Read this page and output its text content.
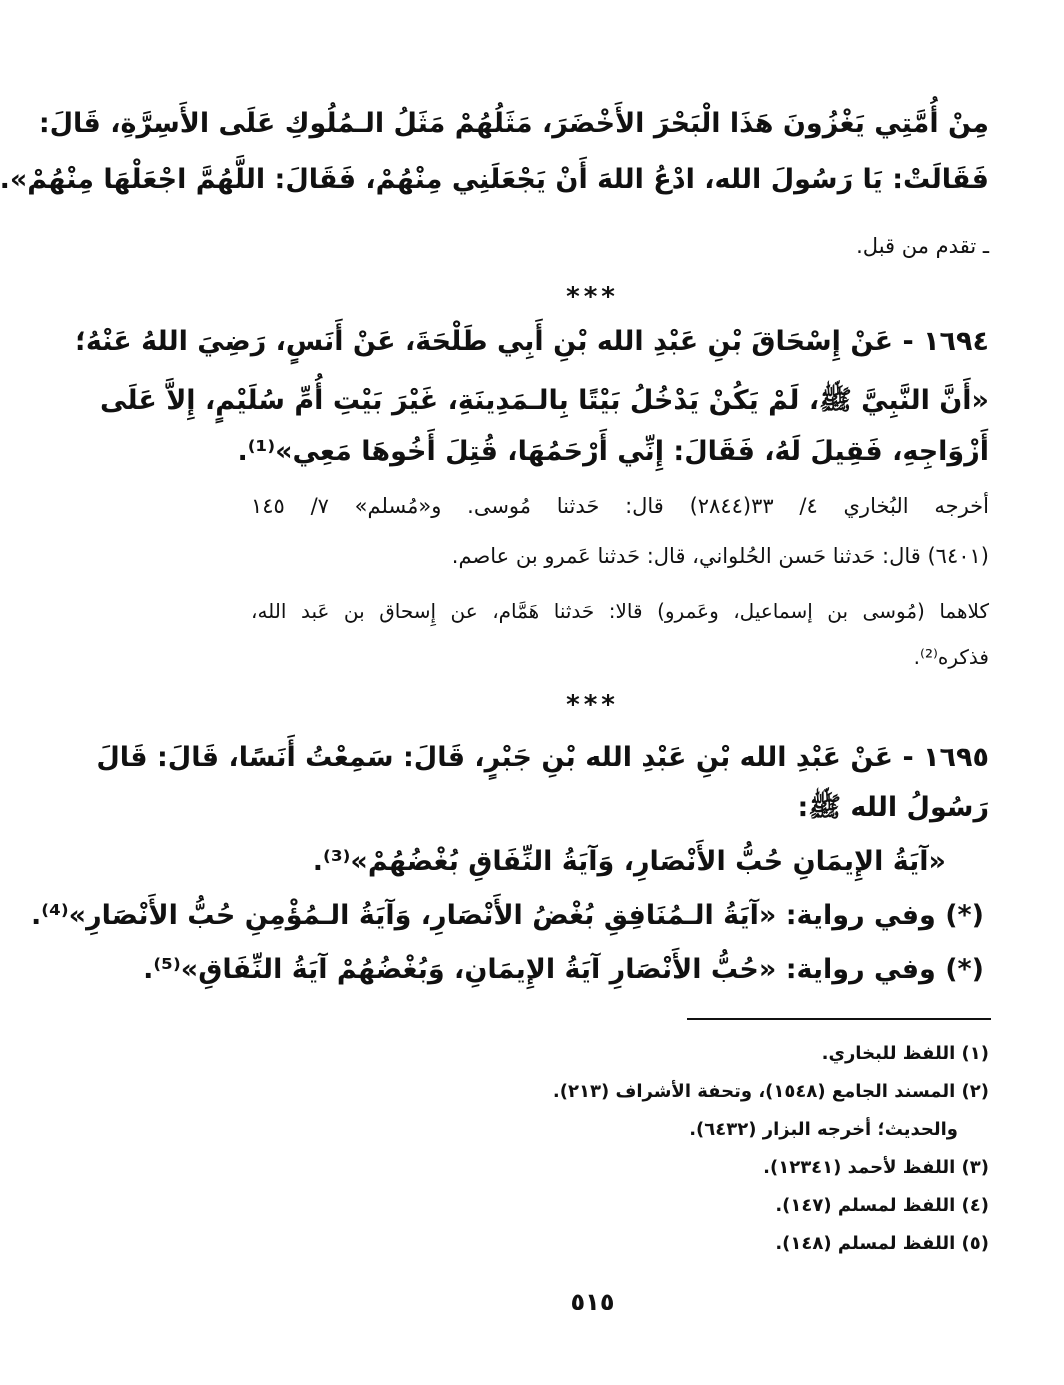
مِنْ أُمَّتِي يَغْزُونَ هَذَا الْبَحْرَ الأَخْضَرَ، مَثَلُهُمْ مَثَلُ الـمُلُوكِ عَلَى الأَسِرَّةِ، قَالَ:
فَقَالَتْ: يَا رَسُولَ الله، ادْعُ اللهَ أَنْ يَجْعَلَنِي مِنْهُمْ، فَقَالَ: اللَّهُمَّ اجْعَلْهَا مِنْهُمْ».
ـ تقدم من قبل.
***
١٦٩٤ - عَنْ إِسْحَاقَ بْنِ عَبْدِ الله بْنِ أَبِي طَلْحَةَ، عَنْ أَنَسٍ، رَضِيَ اللهُ عَنْهُ؛
«أَنَّ النَّبِيَّ ﷺ، لَمْ يَكُنْ يَدْخُلُ بَيْتًا بِالـمَدِينَةِ، غَيْرَ بَيْتِ أُمِّ سُلَيْمٍ، إِلاَّ عَلَى
أَزْوَاجِهِ، فَقِيلَ لَهُ، فَقَالَ: إِنِّي أَرْحَمُهَا، قُتِلَ أَخُوهَا مَعِي»⁽¹⁾.
أخرجه البُخاري ٤/ ٣٣(٢٨٤٤) قال: حَدثنا مُوسى. و«مُسلم» ٧/ ١٤٥
(٦٤٠١) قال: حَدثنا حَسن الحُلواني، قال: حَدثنا عَمرو بن عاصم.
كلاهما (مُوسى بن إسماعيل، وعَمرو) قالا: حَدثنا هَمَّام، عن إِسحاق بن عَبد الله،
فذكره⁽²⁾.
***
١٦٩٥ - عَنْ عَبْدِ الله بْنِ عَبْدِ الله بْنِ جَبْرٍ، قَالَ: سَمِعْتُ أَنَسًا، قَالَ: قَالَ
رَسُولُ الله ﷺ:
«آيَةُ الإِيمَانِ حُبُّ الأَنْصَارِ، وَآيَةُ النِّفَاقِ بُغْضُهُمْ»⁽³⁾.
(*) وفي رواية: «آيَةُ الـمُنَافِقِ بُغْضُ الأَنْصَارِ، وَآيَةُ الـمُؤْمِنِ حُبُّ الأَنْصَارِ»⁽⁴⁾.
(*) وفي رواية: «حُبُّ الأَنْصَارِ آيَةُ الإِيمَانِ، وَبُغْضُهُمْ آيَةُ النِّفَاقِ»⁽⁵⁾.
(١) اللفظ للبخاري.
(٢) المسند الجامع (١٥٤٨)، وتحفة الأشراف (٢١٣).
والحديث؛ أخرجه البزار (٦٤٣٢).
(٣) اللفظ لأحمد (١٢٣٤١).
(٤) اللفظ لمسلم (١٤٧).
(٥) اللفظ لمسلم (١٤٨).
٥١٥
